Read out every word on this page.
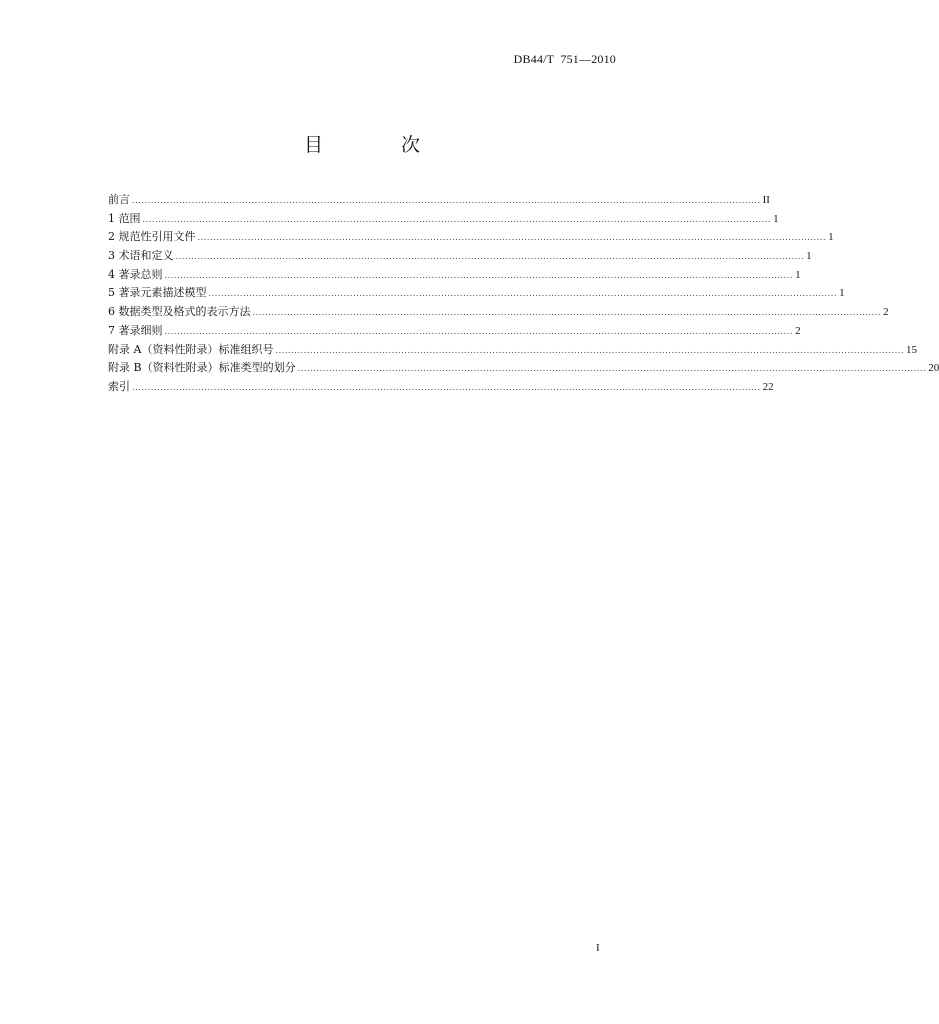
DB44/T  751—2010
目 次
前言 ........................................................................................................................................................................................................ II
1 范围 ........................................................................................................................................................................................................ 1
2 规范性引用文件 ........................................................................................................................................................................................................ 1
3 术语和定义 ........................................................................................................................................................................................................ 1
4 著录总则 ........................................................................................................................................................................................................ 1
5 著录元素描述模型 ........................................................................................................................................................................................................ 1
6 数据类型及格式的表示方法 ........................................................................................................................................................................................................ 2
7 著录细则 ........................................................................................................................................................................................................ 2
附录 A（资料性附录）标准组织号 ........................................................................................................................................................................................................ 15
附录 B（资料性附录）标准类型的划分 ........................................................................................................................................................................................................ 20
索引 ........................................................................................................................................................................................................ 22
I
